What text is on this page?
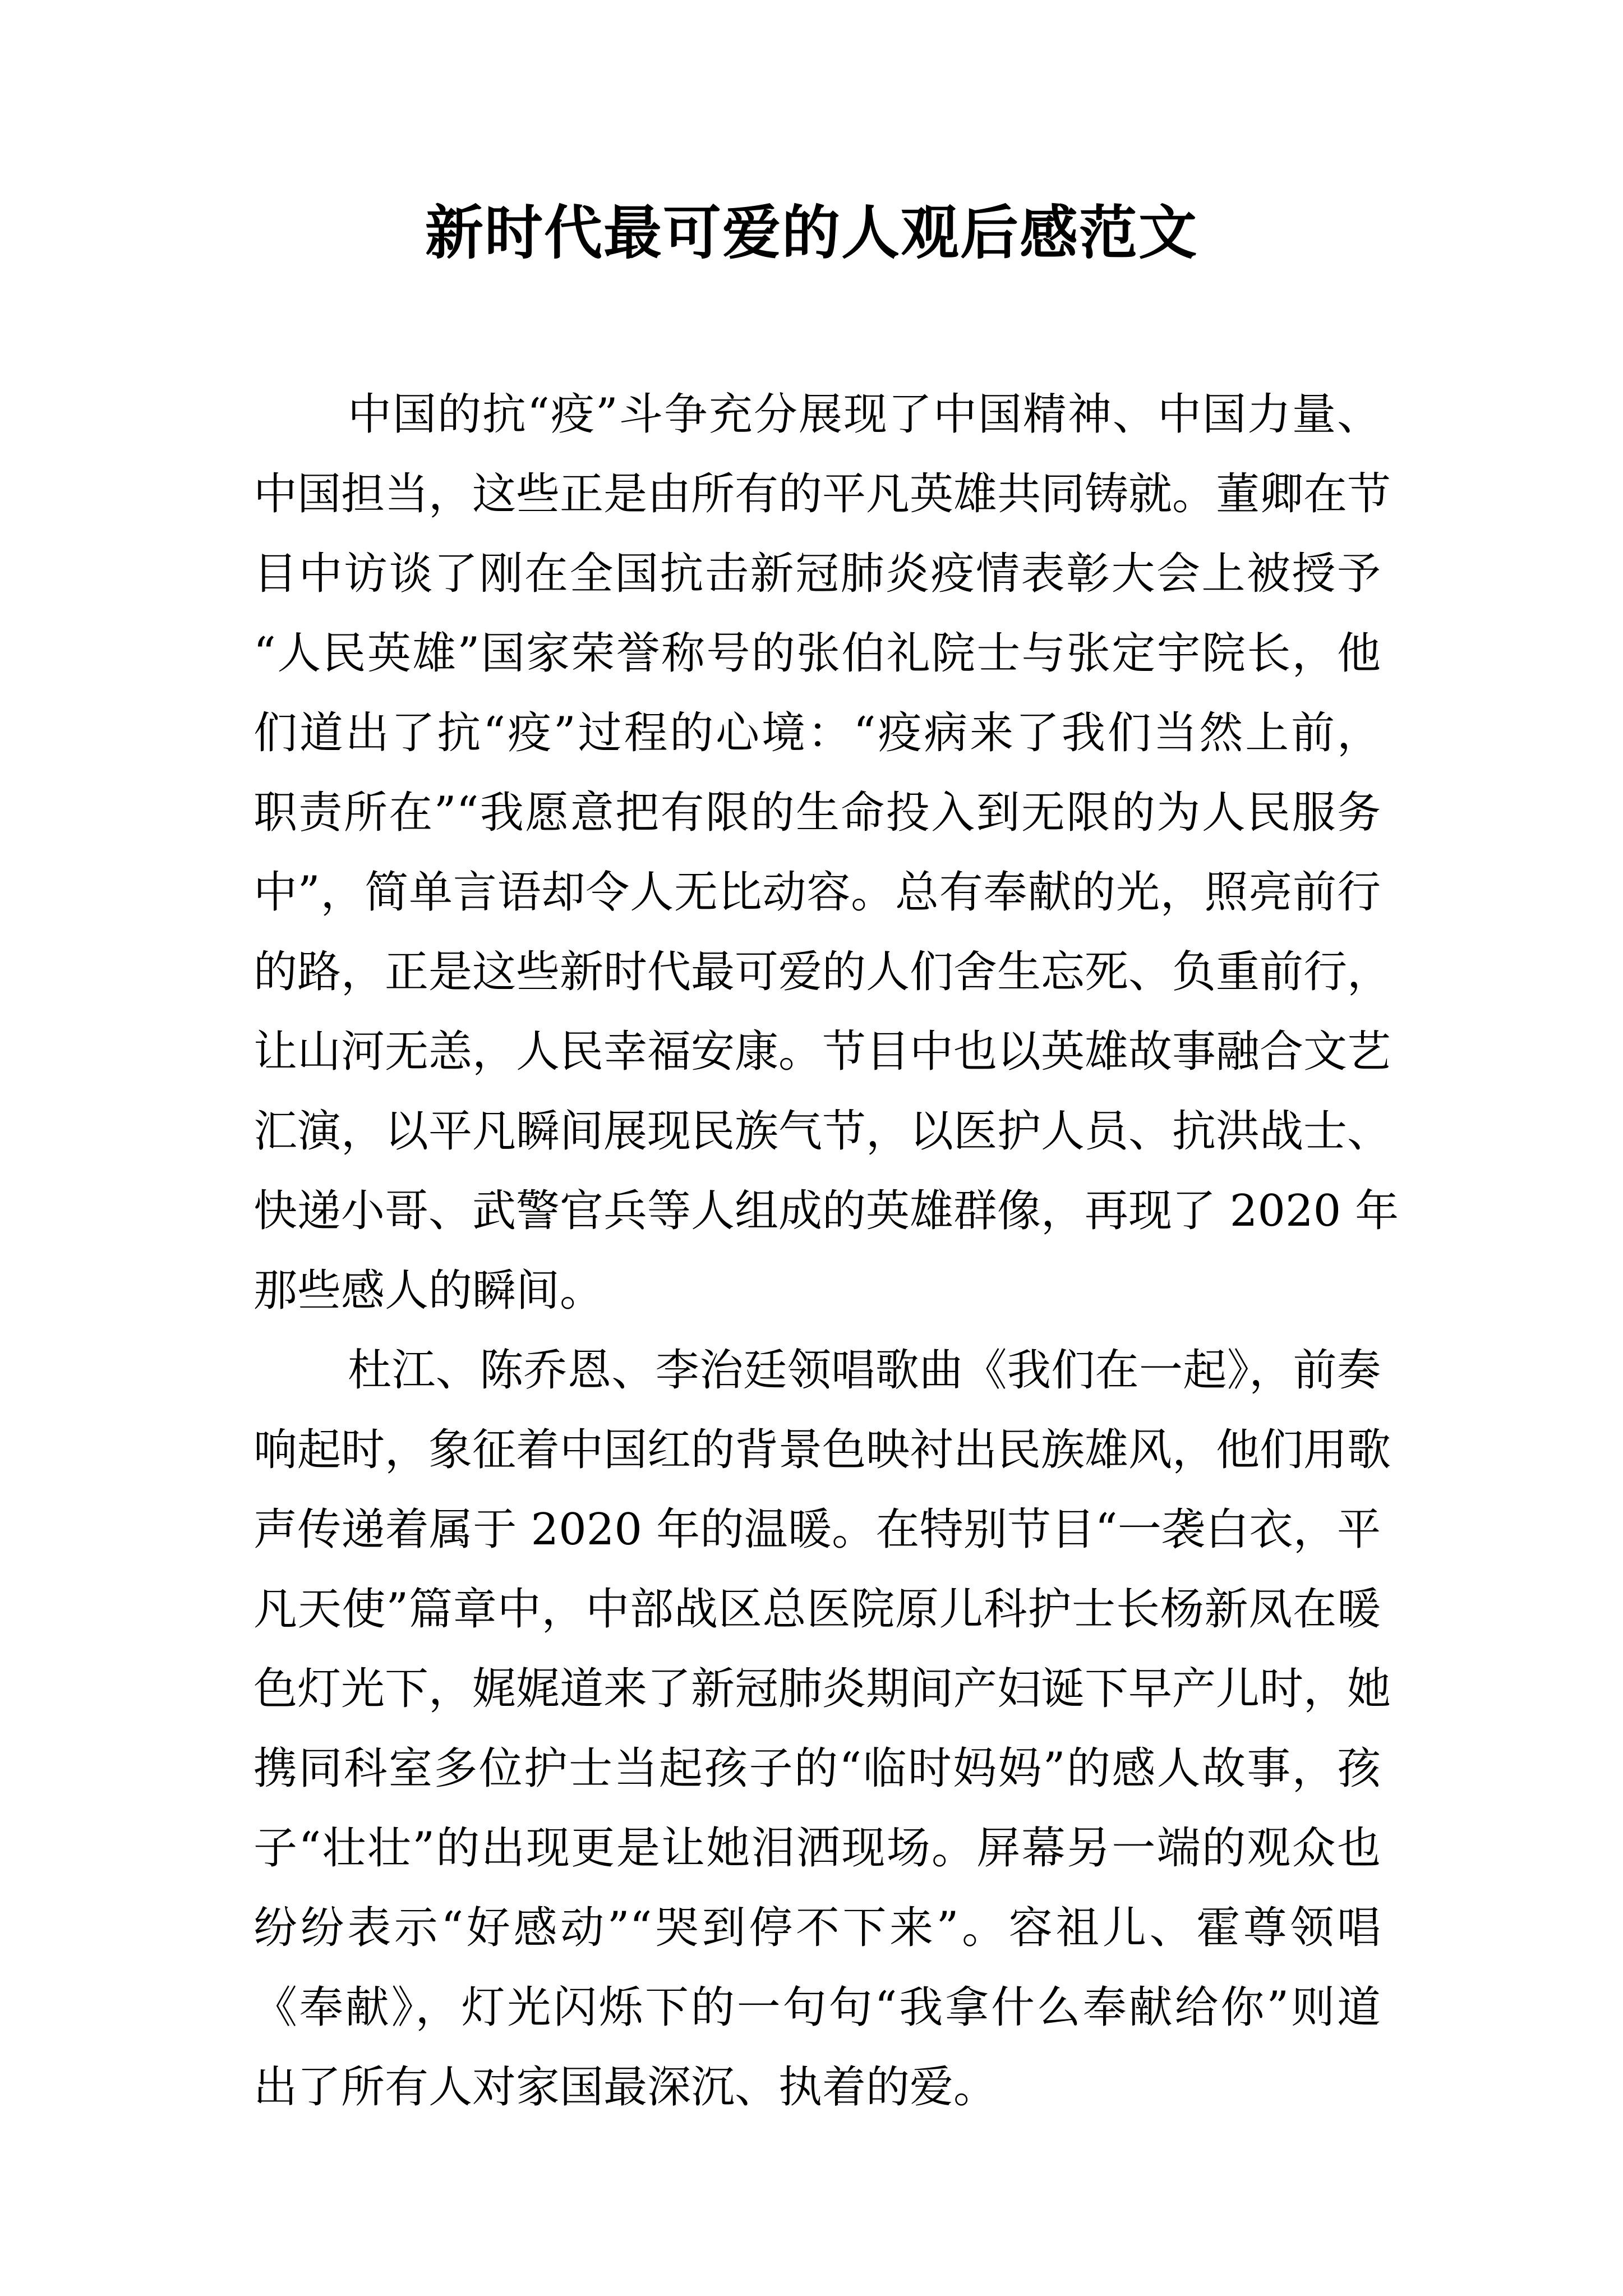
新时代最可爱的人观后感范文
中国的抗“疫”斗争充分展现了中国精神、中国力量、
中国担当，这些正是由所有的平凡英雄共同铸就。董卿在节
目中访谈了刚在全国抗击新冠肺炎疫情表彰大会上被授予
“人民英雄”国家荣誉称号的张伯礼院士与张定宇院长，他
们道出了抗“疫”过程的心境：“疫病来了我们当然上前，
职责所在”“我愿意把有限的生命投入到无限的为人民服务
中”，简单言语却令人无比动容。总有奉献的光，照亮前行
的路，正是这些新时代最可爱的人们舍生忘死、负重前行，
让山河无恙，人民幸福安康。节目中也以英雄故事融合文艺
汇演，以平凡瞬间展现民族气节，以医护人员、抗洪战士、
快递小哥、武警官兵等人组成的英雄群像，再现了 2020 年
那些感人的瞬间。
杜江、陈乔恩、李治廷领唱歌曲《我们在一起》，前奏
响起时，象征着中国红的背景色映衬出民族雄风，他们用歌
声传递着属于 2020 年的温暖。在特别节目“一袭白衣，平
凡天使”篇章中，中部战区总医院原儿科护士长杨新凤在暖
色灯光下，娓娓道来了新冠肺炎期间产妇诞下早产儿时，她
携同科室多位护士当起孩子的“临时妈妈”的感人故事，孩
子“壮壮”的出现更是让她泪洒现场。屏幕另一端的观众也
纷纷表示“好感动”“哭到停不下来”。容祖儿、霍尊领唱
《奉献》，灯光闪烁下的一句句“我拿什么奉献给你”则道
出了所有人对家国最深沉、执着的爱。
